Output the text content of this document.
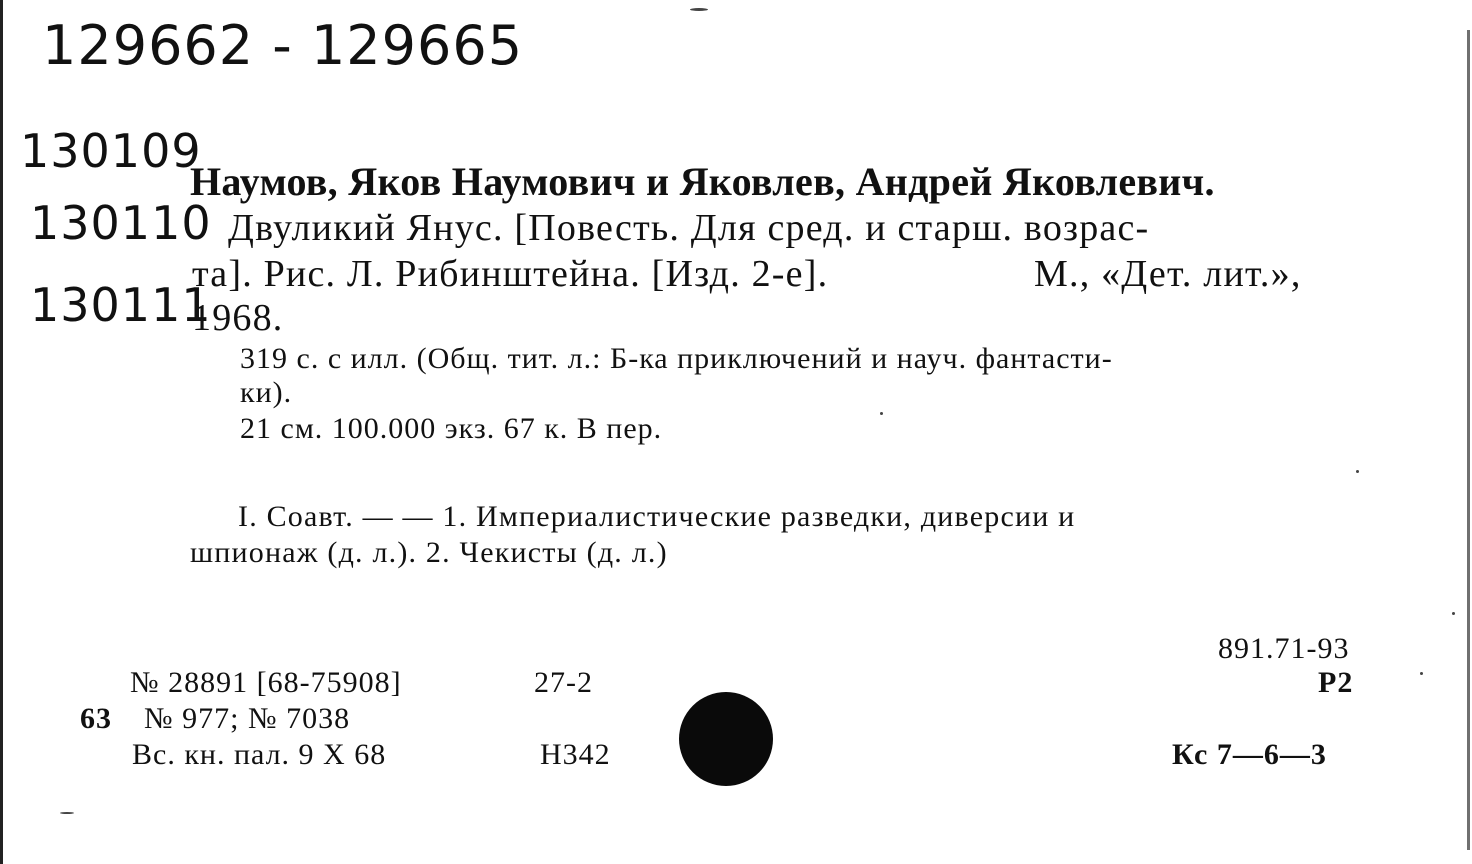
129662 - 129665
130109
130110
130111
Наумов, Яков Наумович и Яковлев, Андрей Яковлевич.
Двуликий Янус. [Повесть. Для сред. и старш. возрас-
та]. Рис. Л. Рибинштейна. [Изд. 2-е].	М., «Дет. лит.»,
1968.
319 с. с илл. (Общ. тит. л.: Б-ка приключений и науч. фантасти-
ки).
21 см. 100.000 экз. 67 к. В пер.
I. Соавт. — — 1. Империалистические разведки, диверсии и
шпионаж (д. л.). 2. Чекисты (д. л.)
891.71-93
Р2
№ 28891 [68-75908]	27-2
63 № 977; № 7038
Вс. кн. пал. 9 X 68	Н342	Кс 7—6—3
